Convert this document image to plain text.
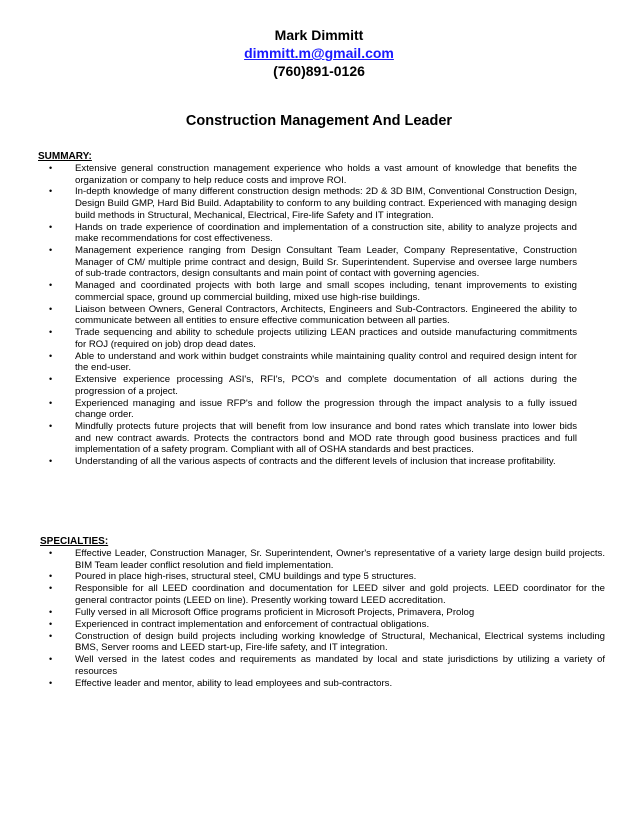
Mark Dimmitt
dimmitt.m@gmail.com
(760)891-0126
Construction Management And Leader
SUMMARY:
• Extensive general construction management experience who holds a vast amount of knowledge that benefits the organization or company to help reduce costs and improve ROI.
• In-depth knowledge of many different construction design methods: 2D & 3D BIM, Conventional Construction Design, Design Build GMP, Hard Bid Build. Adaptability to conform to any building contract. Experienced with managing design build methods in Structural, Mechanical, Electrical, Fire-life Safety and IT integration.
• Hands on trade experience of coordination and implementation of a construction site, ability to analyze projects and make recommendations for cost effectiveness.
• Management experience ranging from Design Consultant Team Leader, Company Representative, Construction Manager of CM/ multiple prime contract and design, Build Sr. Superintendent. Supervise and oversee large numbers of sub-trade contractors, design consultants and main point of contact with governing agencies.
• Managed and coordinated projects with both large and small scopes including, tenant improvements to existing commercial space, ground up commercial building, mixed use high-rise buildings.
• Liaison between Owners, General Contractors, Architects, Engineers and Sub-Contractors. Engineered the ability to communicate between all entities to ensure effective communication between all parties.
• Trade sequencing and ability to schedule projects utilizing LEAN practices and outside manufacturing commitments for ROJ (required on job) drop dead dates.
• Able to understand and work within budget constraints while maintaining quality control and required design intent for the end-user.
• Extensive experience processing ASI's, RFI's, PCO's and complete documentation of all actions during the progression of a project.
• Experienced managing and issue RFP's and follow the progression through the impact analysis to a fully issued change order.
• Mindfully protects future projects that will benefit from low insurance and bond rates which translate into lower bids and new contract awards. Protects the contractors bond and MOD rate through good business practices and full implementation of a safety program. Compliant with all of OSHA standards and best practices.
• Understanding of all the various aspects of contracts and the different levels of inclusion that increase profitability.
SPECIALTIES:
• Effective Leader, Construction Manager, Sr. Superintendent, Owner's representative of a variety large design build projects. BIM Team leader conflict resolution and field implementation.
• Poured in place high-rises, structural steel, CMU buildings and type 5 structures.
• Responsible for all LEED coordination and documentation for LEED silver and gold projects. LEED coordinator for the general contractor points (LEED on line). Presently working toward LEED accreditation.
• Fully versed in all Microsoft Office programs proficient in Microsoft Projects, Primavera, Prolog
• Experienced in contract implementation and enforcement of contractual obligations.
• Construction of design build projects including working knowledge of Structural, Mechanical, Electrical systems including BMS, Server rooms and LEED start-up, Fire-life safety, and IT integration.
• Well versed in the latest codes and requirements as mandated by local and state jurisdictions by utilizing a variety of resources
• Effective leader and mentor, ability to lead employees and sub-contractors.
